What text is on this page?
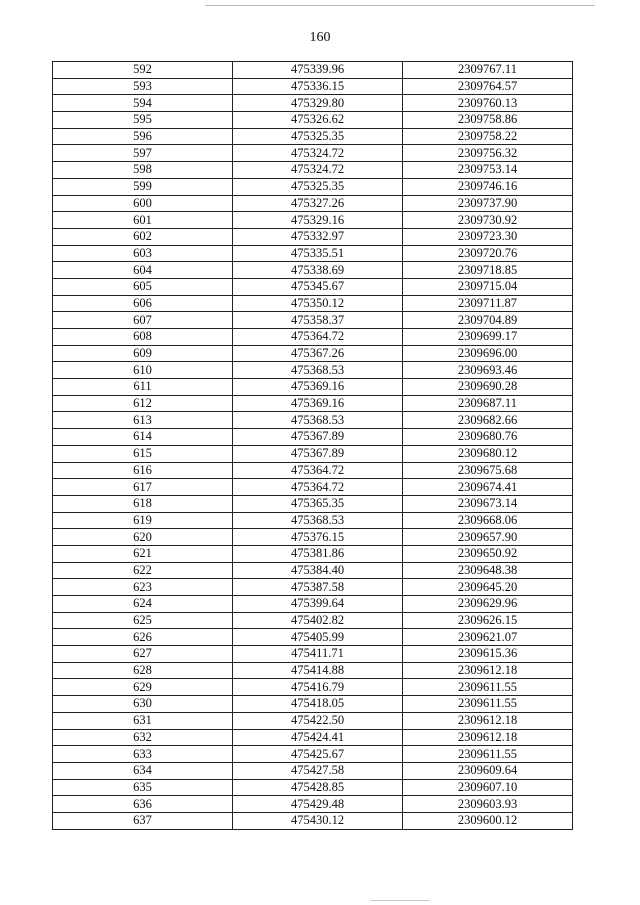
160
592	475339.96	2309767.11
593	475336.15	2309764.57
594	475329.80	2309760.13
595	475326.62	2309758.86
596	475325.35	2309758.22
597	475324.72	2309756.32
598	475324.72	2309753.14
599	475325.35	2309746.16
600	475327.26	2309737.90
601	475329.16	2309730.92
602	475332.97	2309723.30
603	475335.51	2309720.76
604	475338.69	2309718.85
605	475345.67	2309715.04
606	475350.12	2309711.87
607	475358.37	2309704.89
608	475364.72	2309699.17
609	475367.26	2309696.00
610	475368.53	2309693.46
611	475369.16	2309690.28
612	475369.16	2309687.11
613	475368.53	2309682.66
614	475367.89	2309680.76
615	475367.89	2309680.12
616	475364.72	2309675.68
617	475364.72	2309674.41
618	475365.35	2309673.14
619	475368.53	2309668.06
620	475376.15	2309657.90
621	475381.86	2309650.92
622	475384.40	2309648.38
623	475387.58	2309645.20
624	475399.64	2309629.96
625	475402.82	2309626.15
626	475405.99	2309621.07
627	475411.71	2309615.36
628	475414.88	2309612.18
629	475416.79	2309611.55
630	475418.05	2309611.55
631	475422.50	2309612.18
632	475424.41	2309612.18
633	475425.67	2309611.55
634	475427.58	2309609.64
635	475428.85	2309607.10
636	475429.48	2309603.93
637	475430.12	2309600.12
